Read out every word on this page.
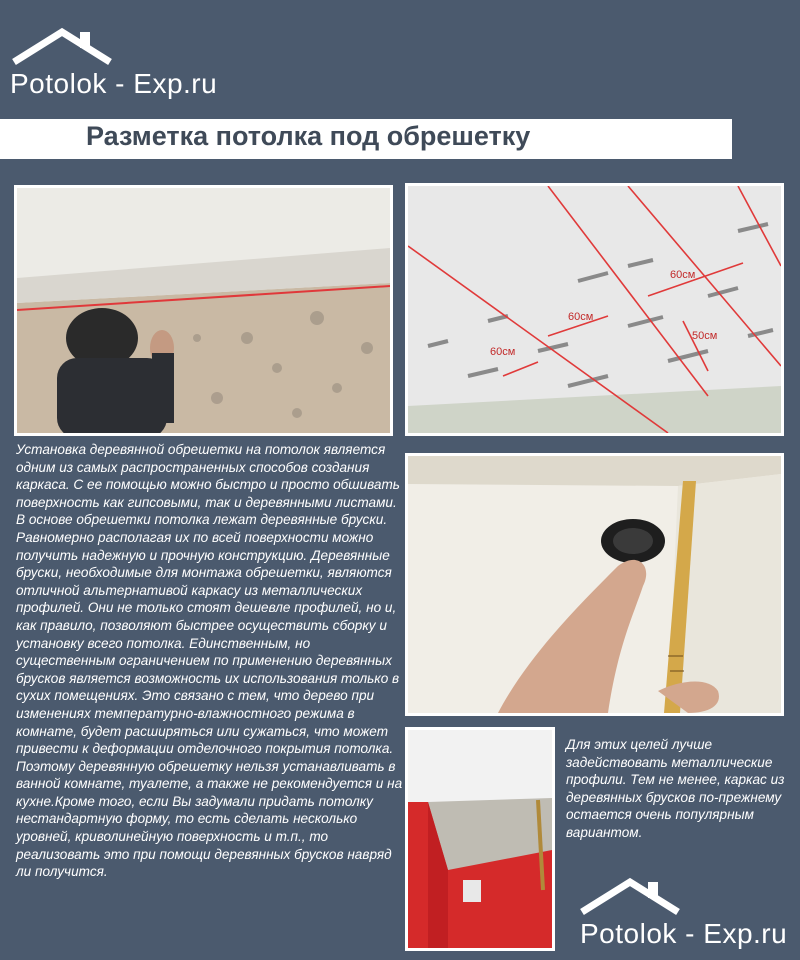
Potolok - Exp.ru
Разметка потолка под обрешетку
60см
60см
60см
50см

Установка деревянной обрешетки на потолок является одним из самых распространенных способов создания каркаса. С ее помощью можно быстро и просто обшивать поверхность как гипсовыми, так и деревянными листами. В основе обрешетки потолка лежат деревянные бруски. Равномерно располагая их по всей поверхности можно получить надежную и прочную конструкцию. Деревянные бруски, необходимые для монтажа обрешетки, являются отличной альтернативой каркасу из металлических профилей. Они не только стоят дешевле профилей, но и, как правило, позволяют быстрее осуществить сборку и установку всего потолка. Единственным, но существенным ограничением по применению деревянных брусков является возможность их использования только в сухих помещениях. Это связано с тем, что дерево при изменениях температурно-влажностного режима в комнате, будет расширяться или сужаться, что может привести к деформации отделочного покрытия потолка. Поэтому деревянную обрешетку нельзя устанавливать в ванной комнате, туалете, а также не рекомендуется и на кухне.Кроме того, если Вы задумали придать потолку нестандартную форму, то есть сделать несколько уровней, криволинейную поверхность и т.п., то реализовать это при помощи деревянных брусков навряд ли получится.

Для этих целей лучше задействовать металлические профили. Тем не менее, каркас из деревянных брусков по-прежнему остается очень популярным вариантом.

Potolok - Exp.ru
